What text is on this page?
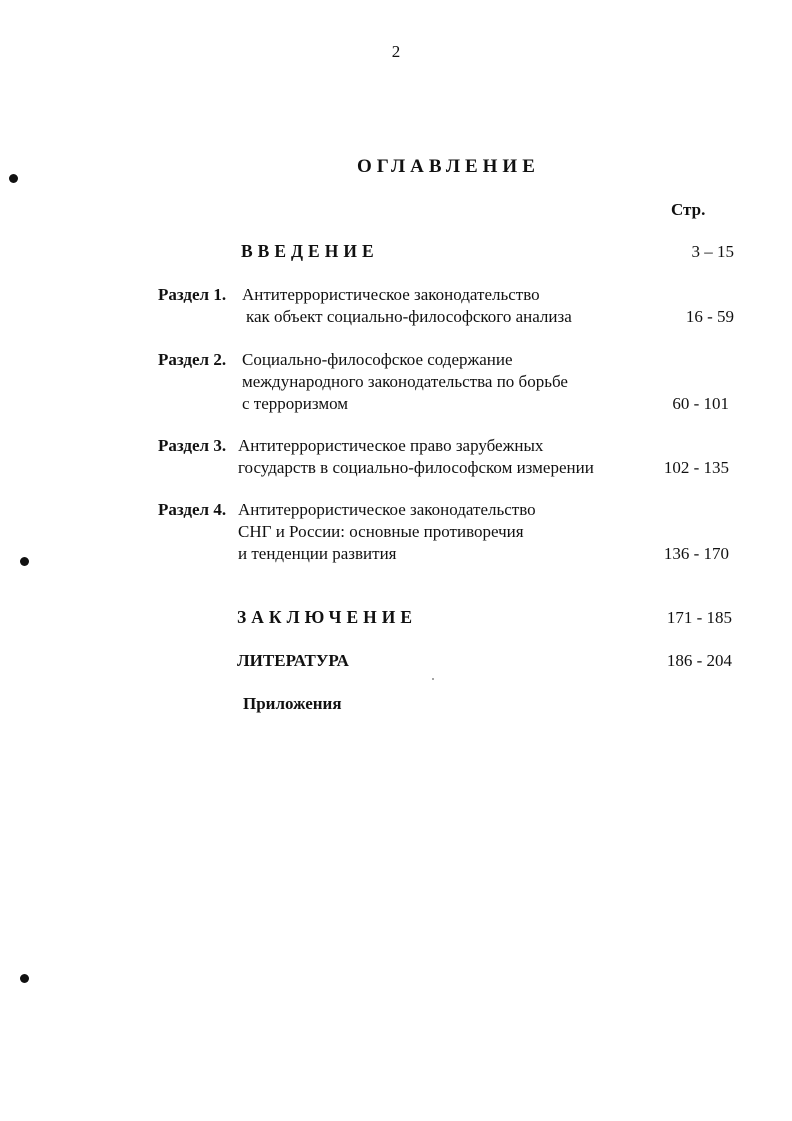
2
ОГЛАВЛЕНИЕ
Стр.
ВВЕДЕНИЕ	3 – 15
Раздел 1. Антитеррористическое законодательство
как объект социально-философского анализа	16 - 59
Раздел 2. Социально-философское содержание
международного законодательства по борьбе
с терроризмом	60 - 101
Раздел 3. Антитеррористическое право зарубежных
государств в социально-философском измерении	102 - 135
Раздел 4. Антитеррористическое законодательство
СНГ и России: основные противоречия
и тенденции развития	136 - 170
ЗАКЛЮЧЕНИЕ	171 - 185
ЛИТЕРАТУРА	186 - 204
Приложения
